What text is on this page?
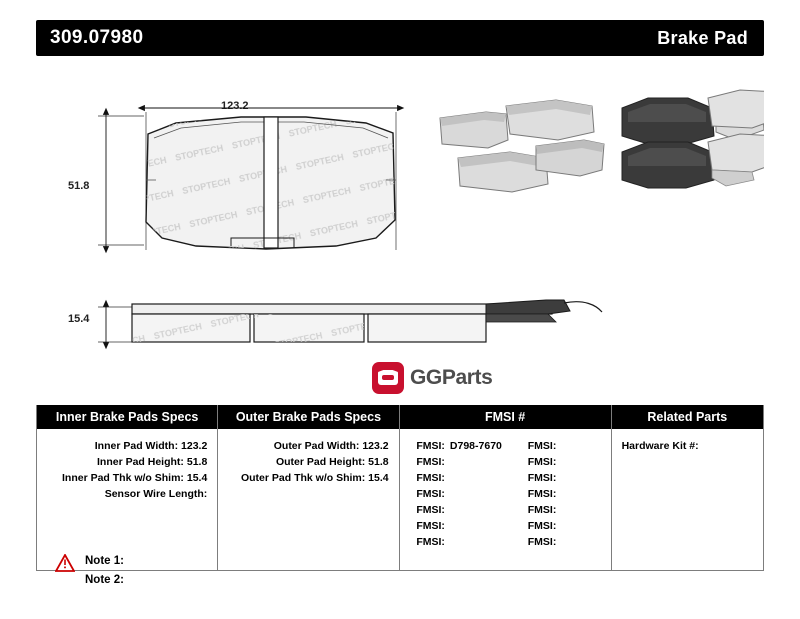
309.07980	Brake Pad
123.2
51.8
15.4
GGParts
Inner Brake Pads Specs
Inner Pad Width: 123.2
Inner Pad Height: 51.8
Inner Pad Thk w/o Shim: 15.4
Sensor Wire Length:
Outer Brake Pads Specs
Outer Pad Width: 123.2
Outer Pad Height: 51.8
Outer Pad Thk w/o Shim: 15.4
FMSI #
FMSI: D798-7670	FMSI:
FMSI:	FMSI:
FMSI:	FMSI:
FMSI:	FMSI:
FMSI:	FMSI:
FMSI:	FMSI:
FMSI:	FMSI:
Related Parts
Hardware Kit #:
Note 1:
Note 2:
